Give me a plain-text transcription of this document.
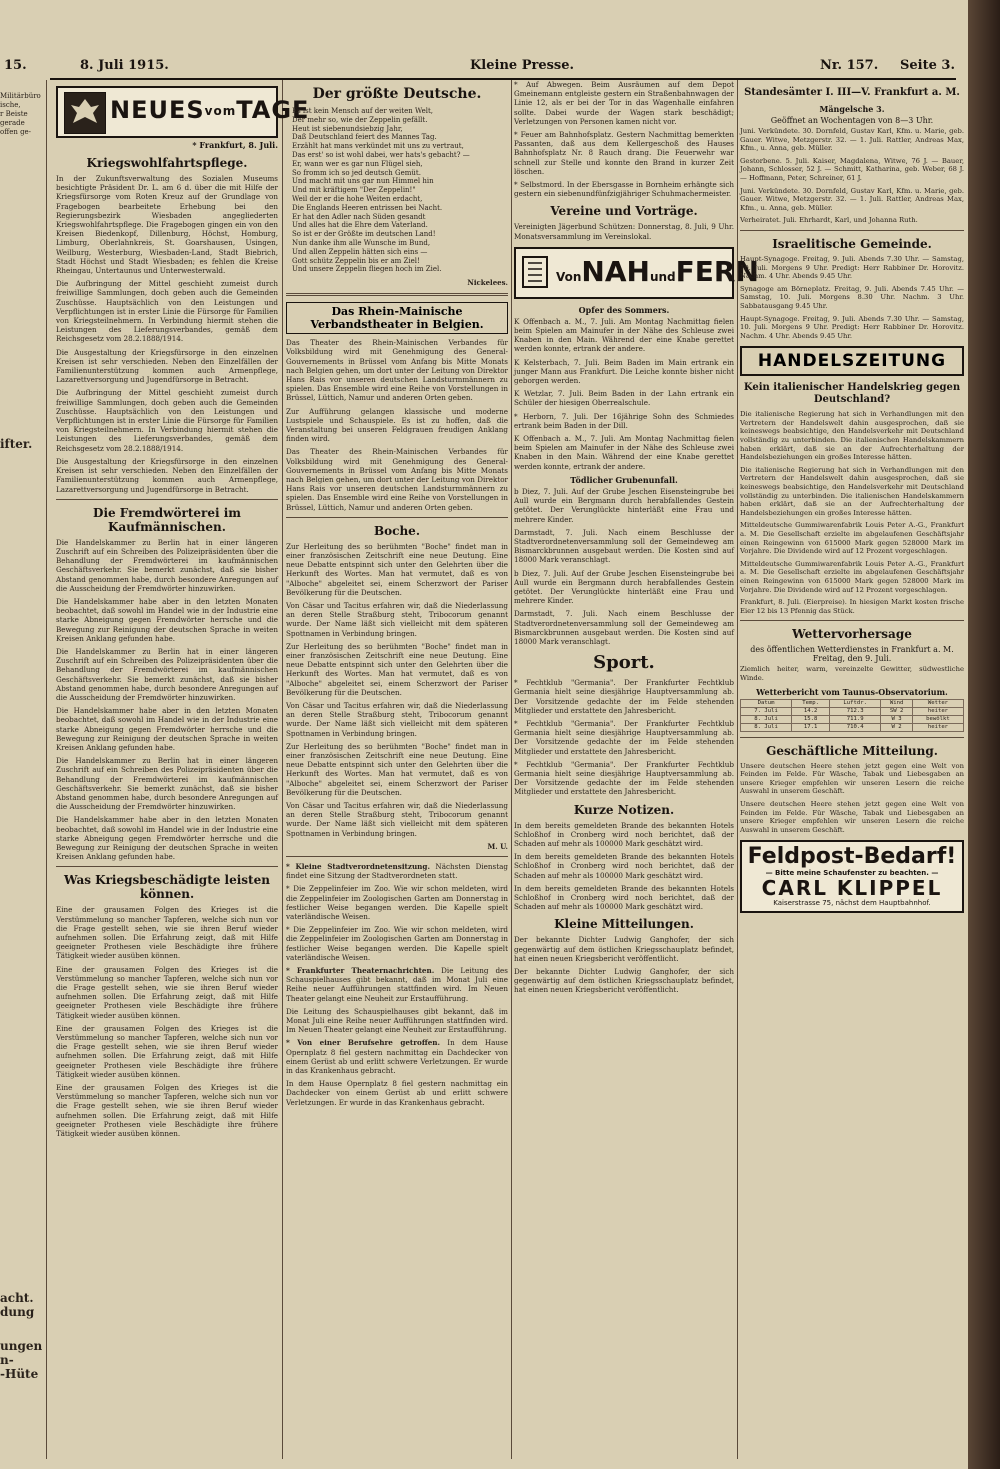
15.	8. Juli 1915.	Kleine Presse.	Nr. 157. Seite 3.
Militärbüro
ische,
r Beiste
gerade
offen ge-
ifter.
acht.
dung
ungen
n-
-Hüte
NEUESvomTAGE
* Frankfurt, 8. Juli.
Kriegswohlfahrtspflege.

In der Zukunftsverwaltung des Sozialen Museums besichtigte Präsident Dr. L. am 6 d. über die mit Hilfe der Kriegsfürsorge vom Roten Kreuz auf der Grundlage von Fragebogen bearbeitete Erhebung bei den Regierungsbezirk Wiesbaden angegliederten Kriegswohlfahrtspflege. Die Fragebogen gingen ein von den Kreisen Biedenkopf, Dillenburg, Höchst, Homburg, Limburg, Oberlahnkreis, St. Goarshausen, Usingen, Weilburg, Westerburg, Wiesbaden-Land, Stadt Biebrich, Stadt Höchst und Stadt Wiesbaden; es fehlen die Kreise Rheingau, Untertaunus und Unterwesterwald.

Die Aufbringung der Mittel geschieht zumeist durch freiwillige Sammlungen, doch geben auch die Gemeinden Zuschüsse. Hauptsächlich von den Leistungen und Verpflichtungen ist in erster Linie die Fürsorge für Familien von Kriegsteilnehmern. In Verbindung hiermit stehen die Leistungen des Lieferungsverbandes, gemäß dem Reichsgesetz vom 28.2.1888/1914.

Die Ausgestaltung der Kriegsfürsorge in den einzelnen Kreisen ist sehr verschieden. Neben den Einzelfällen der Familienunterstützung kommen auch Armenpflege, Lazarettversorgung und Jugendfürsorge in Betracht.

Die Aufbringung der Mittel geschieht zumeist durch freiwillige Sammlungen, doch geben auch die Gemeinden Zuschüsse. Hauptsächlich von den Leistungen und Verpflichtungen ist in erster Linie die Fürsorge für Familien von Kriegsteilnehmern. In Verbindung hiermit stehen die Leistungen des Lieferungsverbandes, gemäß dem Reichsgesetz vom 28.2.1888/1914.

Die Ausgestaltung der Kriegsfürsorge in den einzelnen Kreisen ist sehr verschieden. Neben den Einzelfällen der Familienunterstützung kommen auch Armenpflege, Lazarettversorgung und Jugendfürsorge in Betracht.

Die Fremdwörterei im Kaufmännischen.

Die Handelskammer zu Berlin hat in einer längeren Zuschrift auf ein Schreiben des Polizeipräsidenten über die Behandlung der Fremdwörterei im kaufmännischen Geschäftsverkehr. Sie bemerkt zunächst, daß sie bisher Abstand genommen habe, durch besondere Anregungen auf die Ausscheidung der Fremdwörter hinzuwirken.

Die Handelskammer habe aber in den letzten Monaten beobachtet, daß sowohl im Handel wie in der Industrie eine starke Abneigung gegen Fremdwörter herrsche und die Bewegung zur Reinigung der deutschen Sprache in weiten Kreisen Anklang gefunden habe.

Die Handelskammer zu Berlin hat in einer längeren Zuschrift auf ein Schreiben des Polizeipräsidenten über die Behandlung der Fremdwörterei im kaufmännischen Geschäftsverkehr. Sie bemerkt zunächst, daß sie bisher Abstand genommen habe, durch besondere Anregungen auf die Ausscheidung der Fremdwörter hinzuwirken.

Die Handelskammer habe aber in den letzten Monaten beobachtet, daß sowohl im Handel wie in der Industrie eine starke Abneigung gegen Fremdwörter herrsche und die Bewegung zur Reinigung der deutschen Sprache in weiten Kreisen Anklang gefunden habe.

Die Handelskammer zu Berlin hat in einer längeren Zuschrift auf ein Schreiben des Polizeipräsidenten über die Behandlung der Fremdwörterei im kaufmännischen Geschäftsverkehr. Sie bemerkt zunächst, daß sie bisher Abstand genommen habe, durch besondere Anregungen auf die Ausscheidung der Fremdwörter hinzuwirken.

Die Handelskammer habe aber in den letzten Monaten beobachtet, daß sowohl im Handel wie in der Industrie eine starke Abneigung gegen Fremdwörter herrsche und die Bewegung zur Reinigung der deutschen Sprache in weiten Kreisen Anklang gefunden habe.

Was Kriegsbeschädigte leisten können.

Eine der grausamen Folgen des Krieges ist die Verstümmelung so mancher Tapferen, welche sich nun vor die Frage gestellt sehen, wie sie ihren Beruf wieder aufnehmen sollen. Die Erfahrung zeigt, daß mit Hilfe geeigneter Prothesen viele Beschädigte ihre frühere Tätigkeit wieder ausüben können.

Eine der grausamen Folgen des Krieges ist die Verstümmelung so mancher Tapferen, welche sich nun vor die Frage gestellt sehen, wie sie ihren Beruf wieder aufnehmen sollen. Die Erfahrung zeigt, daß mit Hilfe geeigneter Prothesen viele Beschädigte ihre frühere Tätigkeit wieder ausüben können.

Eine der grausamen Folgen des Krieges ist die Verstümmelung so mancher Tapferen, welche sich nun vor die Frage gestellt sehen, wie sie ihren Beruf wieder aufnehmen sollen. Die Erfahrung zeigt, daß mit Hilfe geeigneter Prothesen viele Beschädigte ihre frühere Tätigkeit wieder ausüben können.

Eine der grausamen Folgen des Krieges ist die Verstümmelung so mancher Tapferen, welche sich nun vor die Frage gestellt sehen, wie sie ihren Beruf wieder aufnehmen sollen. Die Erfahrung zeigt, daß mit Hilfe geeigneter Prothesen viele Beschädigte ihre frühere Tätigkeit wieder ausüben können.

Der größte Deutsche.
Es ist kein Mensch auf der weiten Welt,
Der mehr so, wie der Zeppelin gefällt.
Heut ist siebenundsiebzig Jahr,
Daß Deutschland feiert des Mannes Tag.
Erzählt hat mans verkündet mit uns zu vertraut,
Das erst' so ist wohl dabei, wer hats's gebacht? —
Er, wann wer es gar nun Flügel sieh,
So fromm ich so jed deutsch Gemüt.
Und macht mit uns gar nun Himmel hin
Und mit kräftigem "Der Zeppelin!"
Weil der er die hohe Weiten erdacht,
Die Englands Heeren entrissen bei Nacht.
Er hat den Adler nach Süden gesandt
Und alles hat die Ehre dem Vaterland.
So ist er der Größte im deutschen Land!
Nun danke ihm alle Wunsche im Bund,
Und allen Zeppelin hätten sich eins —
Gott schütz Zeppelin bis er am Ziel!
Und unsere Zeppelin fliegen hoch im Ziel.
Nickelees.
Das Rhein-Mainische Verbandstheater in Belgien.

Das Theater des Rhein-Mainischen Verbandes für Volksbildung wird mit Genehmigung des General-Gouvernements in Brüssel vom Anfang bis Mitte Monats nach Belgien gehen, um dort unter der Leitung von Direktor Hans Rais vor unseren deutschen Landsturmmännern zu spielen. Das Ensemble wird eine Reihe von Vorstellungen in Brüssel, Lüttich, Namur und anderen Orten geben.

Zur Aufführung gelangen klassische und moderne Lustspiele und Schauspiele. Es ist zu hoffen, daß die Veranstaltung bei unseren Feldgrauen freudigen Anklang finden wird.

Das Theater des Rhein-Mainischen Verbandes für Volksbildung wird mit Genehmigung des General-Gouvernements in Brüssel vom Anfang bis Mitte Monats nach Belgien gehen, um dort unter der Leitung von Direktor Hans Rais vor unseren deutschen Landsturmmännern zu spielen. Das Ensemble wird eine Reihe von Vorstellungen in Brüssel, Lüttich, Namur und anderen Orten geben.

Boche.

Zur Herleitung des so berühmten "Boche" findet man in einer französischen Zeitschrift eine neue Deutung. Eine neue Debatte entspinnt sich unter den Gelehrten über die Herkunft des Wortes. Man hat vermutet, daß es von "Alboche" abgeleitet sei, einem Scherzwort der Pariser Bevölkerung für die Deutschen.

Von Cäsar und Tacitus erfahren wir, daß die Niederlassung an deren Stelle Straßburg steht, Tribocorum genannt wurde. Der Name läßt sich vielleicht mit dem späteren Spottnamen in Verbindung bringen.

Zur Herleitung des so berühmten "Boche" findet man in einer französischen Zeitschrift eine neue Deutung. Eine neue Debatte entspinnt sich unter den Gelehrten über die Herkunft des Wortes. Man hat vermutet, daß es von "Alboche" abgeleitet sei, einem Scherzwort der Pariser Bevölkerung für die Deutschen.

Von Cäsar und Tacitus erfahren wir, daß die Niederlassung an deren Stelle Straßburg steht, Tribocorum genannt wurde. Der Name läßt sich vielleicht mit dem späteren Spottnamen in Verbindung bringen.

Zur Herleitung des so berühmten "Boche" findet man in einer französischen Zeitschrift eine neue Deutung. Eine neue Debatte entspinnt sich unter den Gelehrten über die Herkunft des Wortes. Man hat vermutet, daß es von "Alboche" abgeleitet sei, einem Scherzwort der Pariser Bevölkerung für die Deutschen.

Von Cäsar und Tacitus erfahren wir, daß die Niederlassung an deren Stelle Straßburg steht, Tribocorum genannt wurde. Der Name läßt sich vielleicht mit dem späteren Spottnamen in Verbindung bringen.

M. U.

* Kleine Stadtverordnetensitzung. Nächsten Dienstag findet eine Sitzung der Stadtverordneten statt.

* Die Zeppelinfeier im Zoo. Wie wir schon meldeten, wird die Zeppelinfeier im Zoologischen Garten am Donnerstag in festlicher Weise begangen werden. Die Kapelle spielt vaterländische Weisen.

* Die Zeppelinfeier im Zoo. Wie wir schon meldeten, wird die Zeppelinfeier im Zoologischen Garten am Donnerstag in festlicher Weise begangen werden. Die Kapelle spielt vaterländische Weisen.

* Frankfurter Theaternachrichten. Die Leitung des Schauspielhauses gibt bekannt, daß im Monat Juli eine Reihe neuer Aufführungen stattfinden wird. Im Neuen Theater gelangt eine Neuheit zur Erstaufführung.

Die Leitung des Schauspielhauses gibt bekannt, daß im Monat Juli eine Reihe neuer Aufführungen stattfinden wird. Im Neuen Theater gelangt eine Neuheit zur Erstaufführung.

* Von einer Berufsehre getroffen. In dem Hause Opernplatz 8 fiel gestern nachmittag ein Dachdecker von einem Gerüst ab und erlitt schwere Verletzungen. Er wurde in das Krankenhaus gebracht.

In dem Hause Opernplatz 8 fiel gestern nachmittag ein Dachdecker von einem Gerüst ab und erlitt schwere Verletzungen. Er wurde in das Krankenhaus gebracht.

* Auf Abwegen. Beim Ausräumen auf dem Depot Gmeinemann entgleiste gestern ein Straßenbahnwagen der Linie 12, als er bei der Tor in das Wagenhalle einfahren sollte. Dabei wurde der Wagen stark beschädigt; Verletzungen von Personen kamen nicht vor.

* Feuer am Bahnhofsplatz. Gestern Nachmittag bemerkten Passanten, daß aus dem Kellergeschoß des Hauses Bahnhofsplatz Nr. 8 Rauch drang. Die Feuerwehr war schnell zur Stelle und konnte den Brand in kurzer Zeit löschen.

* Selbstmord. In der Ebersgasse in Bornheim erhängte sich gestern ein siebenundfünfzigjähriger Schuhmachermeister.

Vereine und Vorträge.

Vereinigten Jägerbund Schützen: Donnerstag, 8. Juli, 9 Uhr. Monatsversammlung im Vereinslokal.

VonNAHundFERN
Opfer des Sommers.

K Offenbach a. M., 7. Juli. Am Montag Nachmittag fielen beim Spielen am Mainufer in der Nähe des Schleuse zwei Knaben in den Main. Während der eine Knabe gerettet werden konnte, ertrank der andere.

K Kelsterbach, 7. Juli. Beim Baden im Main ertrank ein junger Mann aus Frankfurt. Die Leiche konnte bisher nicht geborgen werden.

K Wetzlar, 7. Juli. Beim Baden in der Lahn ertrank ein Schüler der hiesigen Oberrealschule.

* Herborn, 7. Juli. Der 16jährige Sohn des Schmiedes ertrank beim Baden in der Dill.

K Offenbach a. M., 7. Juli. Am Montag Nachmittag fielen beim Spielen am Mainufer in der Nähe des Schleuse zwei Knaben in den Main. Während der eine Knabe gerettet werden konnte, ertrank der andere.

Tödlicher Grubenunfall.

b Diez, 7. Juli. Auf der Grube Jeschen Eisensteingrube bei Aull wurde ein Bergmann durch herabfallendes Gestein getötet. Der Verunglückte hinterläßt eine Frau und mehrere Kinder.

Darmstadt, 7. Juli. Nach einem Beschlusse der Stadtverordnetenversammlung soll der Gemeindeweg am Bismarckbrunnen ausgebaut werden. Die Kosten sind auf 18000 Mark veranschlagt.

b Diez, 7. Juli. Auf der Grube Jeschen Eisensteingrube bei Aull wurde ein Bergmann durch herabfallendes Gestein getötet. Der Verunglückte hinterläßt eine Frau und mehrere Kinder.

Darmstadt, 7. Juli. Nach einem Beschlusse der Stadtverordnetenversammlung soll der Gemeindeweg am Bismarckbrunnen ausgebaut werden. Die Kosten sind auf 18000 Mark veranschlagt.

Sport.

* Fechtklub "Germania". Der Frankfurter Fechtklub Germania hielt seine diesjährige Hauptversammlung ab. Der Vorsitzende gedachte der im Felde stehenden Mitglieder und erstattete den Jahresbericht.

* Fechtklub "Germania". Der Frankfurter Fechtklub Germania hielt seine diesjährige Hauptversammlung ab. Der Vorsitzende gedachte der im Felde stehenden Mitglieder und erstattete den Jahresbericht.

* Fechtklub "Germania". Der Frankfurter Fechtklub Germania hielt seine diesjährige Hauptversammlung ab. Der Vorsitzende gedachte der im Felde stehenden Mitglieder und erstattete den Jahresbericht.

Kurze Notizen.

In dem bereits gemeldeten Brande des bekannten Hotels Schloßhof in Cronberg wird noch berichtet, daß der Schaden auf mehr als 100000 Mark geschätzt wird.

In dem bereits gemeldeten Brande des bekannten Hotels Schloßhof in Cronberg wird noch berichtet, daß der Schaden auf mehr als 100000 Mark geschätzt wird.

In dem bereits gemeldeten Brande des bekannten Hotels Schloßhof in Cronberg wird noch berichtet, daß der Schaden auf mehr als 100000 Mark geschätzt wird.

Kleine Mitteilungen.

Der bekannte Dichter Ludwig Ganghofer, der sich gegenwärtig auf dem östlichen Kriegsschauplatz befindet, hat einen neuen Kriegsbericht veröffentlicht.

Der bekannte Dichter Ludwig Ganghofer, der sich gegenwärtig auf dem östlichen Kriegsschauplatz befindet, hat einen neuen Kriegsbericht veröffentlicht.

Standesämter I. III—V. Frankfurt a. M.
Mängelsche 3.
Geöffnet an Wochentagen von 8—3 Uhr.

Juni. Verkündete. 30. Dornfeld, Gustav Karl, Kfm. u. Marie, geb. Gauer. Witwe, Metzgerstr. 32. — 1. Juli. Rattler, Andreas Max, Kfm., u. Anna, geb. Müller.

Gestorbene. 5. Juli. Kaiser, Magdalena, Witwe, 76 J. — Bauer, Johann, Schlosser, 52 J. — Schmitt, Katharina, geb. Weber, 68 J. — Hoffmann, Peter, Schreiner, 61 J.

Juni. Verkündete. 30. Dornfeld, Gustav Karl, Kfm. u. Marie, geb. Gauer. Witwe, Metzgerstr. 32. — 1. Juli. Rattler, Andreas Max, Kfm., u. Anna, geb. Müller.

Verheiratet. Juli. Ehrhardt, Karl, und Johanna Ruth.

Israelitische Gemeinde.

Haupt-Synagoge. Freitag, 9. Juli. Abends 7.30 Uhr. — Samstag, 10. Juli. Morgens 9 Uhr. Predigt: Herr Rabbiner Dr. Horovitz. Nachm. 4 Uhr. Abends 9.45 Uhr.

Synagoge am Börneplatz. Freitag, 9. Juli. Abends 7.45 Uhr. — Samstag, 10. Juli. Morgens 8.30 Uhr. Nachm. 3 Uhr. Sabbatausgang 9.45 Uhr.

Haupt-Synagoge. Freitag, 9. Juli. Abends 7.30 Uhr. — Samstag, 10. Juli. Morgens 9 Uhr. Predigt: Herr Rabbiner Dr. Horovitz. Nachm. 4 Uhr. Abends 9.45 Uhr.

HANDELSZEITUNG
Kein italienischer Handelskrieg gegen Deutschland?

Die italienische Regierung hat sich in Verhandlungen mit den Vertretern der Handelswelt dahin ausgesprochen, daß sie keineswegs beabsichtige, den Handelsverkehr mit Deutschland vollständig zu unterbinden. Die italienischen Handelskammern haben erklärt, daß sie an der Aufrechterhaltung der Handelsbeziehungen ein großes Interesse hätten.

Die italienische Regierung hat sich in Verhandlungen mit den Vertretern der Handelswelt dahin ausgesprochen, daß sie keineswegs beabsichtige, den Handelsverkehr mit Deutschland vollständig zu unterbinden. Die italienischen Handelskammern haben erklärt, daß sie an der Aufrechterhaltung der Handelsbeziehungen ein großes Interesse hätten.

Mitteldeutsche Gummiwarenfabrik Louis Peter A.-G., Frankfurt a. M. Die Gesellschaft erzielte im abgelaufenen Geschäftsjahr einen Reingewinn von 615000 Mark gegen 528000 Mark im Vorjahre. Die Dividende wird auf 12 Prozent vorgeschlagen.

Mitteldeutsche Gummiwarenfabrik Louis Peter A.-G., Frankfurt a. M. Die Gesellschaft erzielte im abgelaufenen Geschäftsjahr einen Reingewinn von 615000 Mark gegen 528000 Mark im Vorjahre. Die Dividende wird auf 12 Prozent vorgeschlagen.

Frankfurt, 8. Juli. (Eierpreise). In hiesigen Markt kosten frische Eier 12 bis 13 Pfennig das Stück.

Wettervorhersage
des öffentlichen Wetterdienstes in Frankfurt a. M. Freitag, den 9. Juli.

Ziemlich heiter, warm, vereinzelte Gewitter, südwestliche Winde.

Wetterbericht vom Taunus-Observatorium.
Datum	Temp.	Luftdr.	Wind	Wetter
7. Juli	14.2	712.3	SW 2	heiter
8. Juli	15.8	711.9	W 3	bewölkt
8. Juli	17.1	710.4	W 2	heiter
Geschäftliche Mitteilung.

Unsere deutschen Heere stehen jetzt gegen eine Welt von Feinden im Felde. Für Wäsche, Tabak und Liebesgaben an unsere Krieger empfehlen wir unseren Lesern die reiche Auswahl in unserem Geschäft.

Unsere deutschen Heere stehen jetzt gegen eine Welt von Feinden im Felde. Für Wäsche, Tabak und Liebesgaben an unsere Krieger empfehlen wir unseren Lesern die reiche Auswahl in unserem Geschäft.

Feldpost-Bedarf!
— Bitte meine Schaufenster zu beachten. —
CARL KLIPPEL
Kaiserstrasse 75, nächst dem Hauptbahnhof.
